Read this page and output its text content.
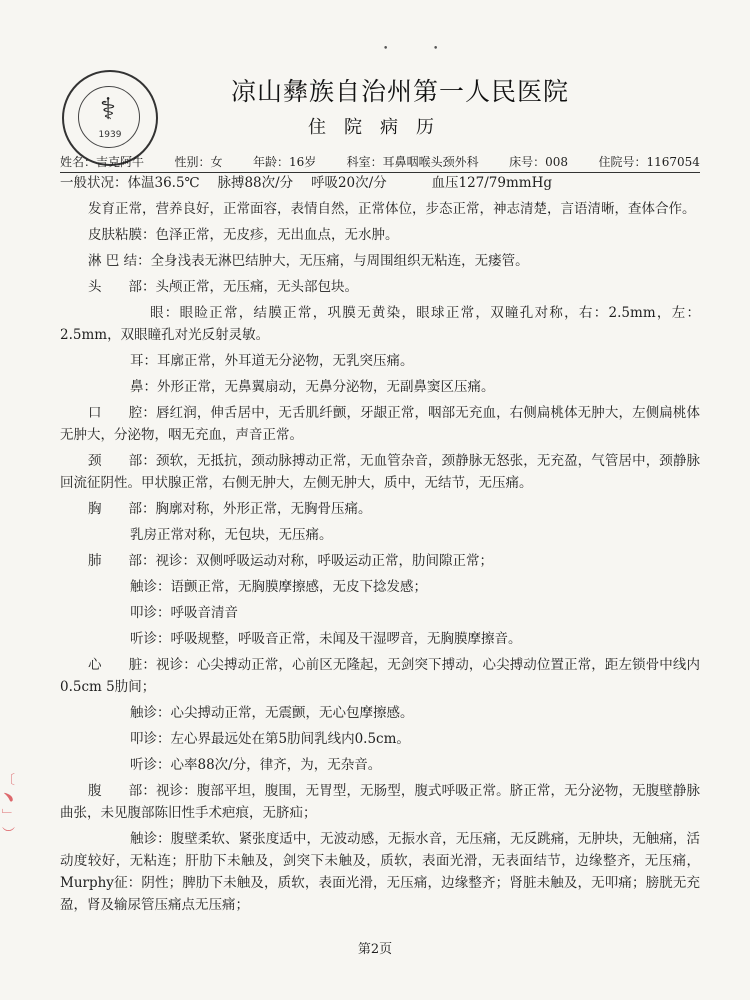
•	•
⚕
1939
凉山彝族自治州第一人民医院
住院病历
姓名：吉克阿牛	性别：女	年龄：16岁	科室：耳鼻咽喉头颈外科	床号：008	住院号：1167054

一般状况：体温36.5℃　 脉搏88次/分　 呼吸20次/分　　　 血压127/79mmHg

发育正常，营养良好，正常面容，表情自然，正常体位，步态正常，神志清楚，言语清晰，查体合作。

皮肤粘膜：色泽正常，无皮疹，无出血点，无水肿。

淋 巴 结：全身浅表无淋巴结肿大，无压痛，与周围组织无粘连，无瘘管。

头　　部：头颅正常，无压痛，无头部包块。

眼：眼睑正常，结膜正常，巩膜无黄染，眼球正常，双瞳孔对称，右：2.5mm，左：2.5mm，双眼瞳孔对光反射灵敏。

耳：耳廓正常，外耳道无分泌物，无乳突压痛。

鼻：外形正常，无鼻翼扇动，无鼻分泌物，无副鼻窦区压痛。

口　　腔：唇红润，伸舌居中，无舌肌纤颤，牙龈正常，咽部无充血，右侧扁桃体无肿大，左侧扁桃体无肿大，分泌物，咽无充血，声音正常。

颈　　部：颈软，无抵抗，颈动脉搏动正常，无血管杂音，颈静脉无怒张，无充盈，气管居中，颈静脉回流征阴性。甲状腺正常，右侧无肿大，左侧无肿大，质中，无结节，无压痛。

胸　　部：胸廓对称，外形正常，无胸骨压痛。

乳房正常对称，无包块，无压痛。

肺　　部：视诊：双侧呼吸运动对称，呼吸运动正常，肋间隙正常；

触诊：语颤正常，无胸膜摩擦感，无皮下捻发感；

叩诊：呼吸音清音

听诊：呼吸规整，呼吸音正常，未闻及干湿啰音，无胸膜摩擦音。

心　　脏：视诊：心尖搏动正常，心前区无隆起，无剑突下搏动，心尖搏动位置正常，距左锁骨中线内0.5cm 5肋间；

触诊：心尖搏动正常，无震颤，无心包摩擦感。

叩诊：左心界最远处在第5肋间乳线内0.5cm。

听诊：心率88次/分，律齐，为，无杂音。

腹　　部：视诊：腹部平坦，腹围，无胃型，无肠型，腹式呼吸正常。脐正常，无分泌物，无腹壁静脉曲张，未见腹部陈旧性手术疤痕，无脐疝；

触诊：腹壁柔软、紧张度适中，无波动感，无振水音，无压痛，无反跳痛，无肿块，无触痛，活动度较好，无粘连；肝肋下未触及，剑突下未触及，质软，表面光滑，无表面结节，边缘整齐，无压痛，Murphy征：阴性；脾肋下未触及，质软，表面光滑，无压痛，边缘整齐；肾脏未触及，无叩痛；膀胱无充盈，肾及输尿管压痛点无压痛；

〔
﹅
﹂
︶
第2页
